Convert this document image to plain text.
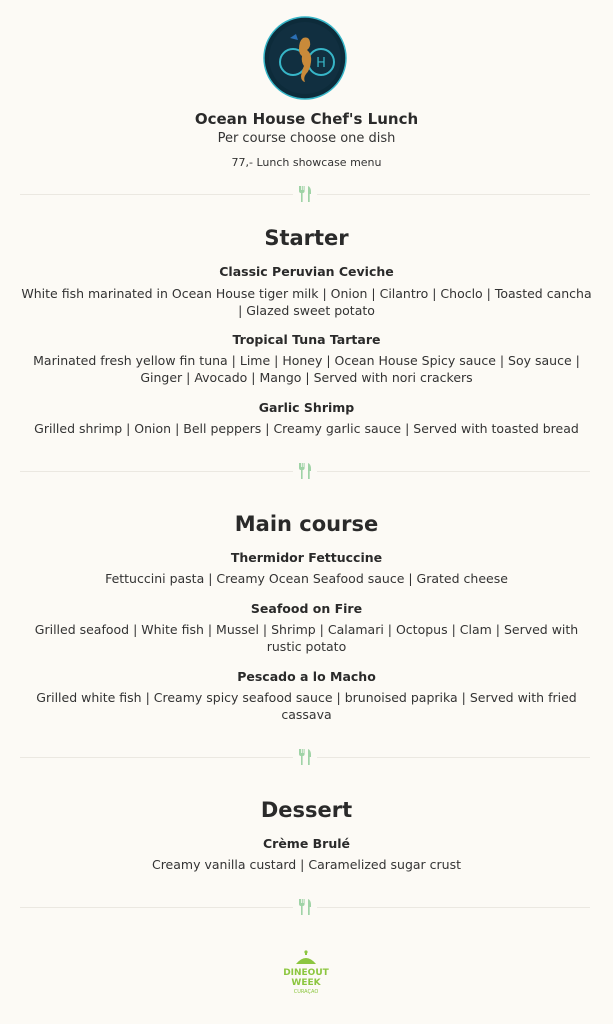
H
Ocean House Chef's Lunch
Per course choose one dish
77,- Lunch showcase menu
Starter
Classic Peruvian Ceviche
White fish marinated in Ocean House tiger milk | Onion | Cilantro | Choclo | Toasted cancha | Glazed sweet potato
Tropical Tuna Tartare
Marinated fresh yellow fin tuna | Lime | Honey | Ocean House Spicy sauce | Soy sauce | Ginger | Avocado | Mango | Served with nori crackers
Garlic Shrimp
Grilled shrimp | Onion | Bell peppers | Creamy garlic sauce | Served with toasted bread
Main course
Thermidor Fettuccine
Fettuccini pasta | Creamy Ocean Seafood sauce | Grated cheese
Seafood on Fire
Grilled seafood | White fish | Mussel | Shrimp | Calamari | Octopus | Clam | Served with rustic potato
Pescado a lo Macho
Grilled white fish | Creamy spicy seafood sauce | brunoised paprika | Served with fried cassava
Dessert
Crème Brulé
Creamy vanilla custard | Caramelized sugar crust
DINEOUT
WEEK
CURAÇAO
